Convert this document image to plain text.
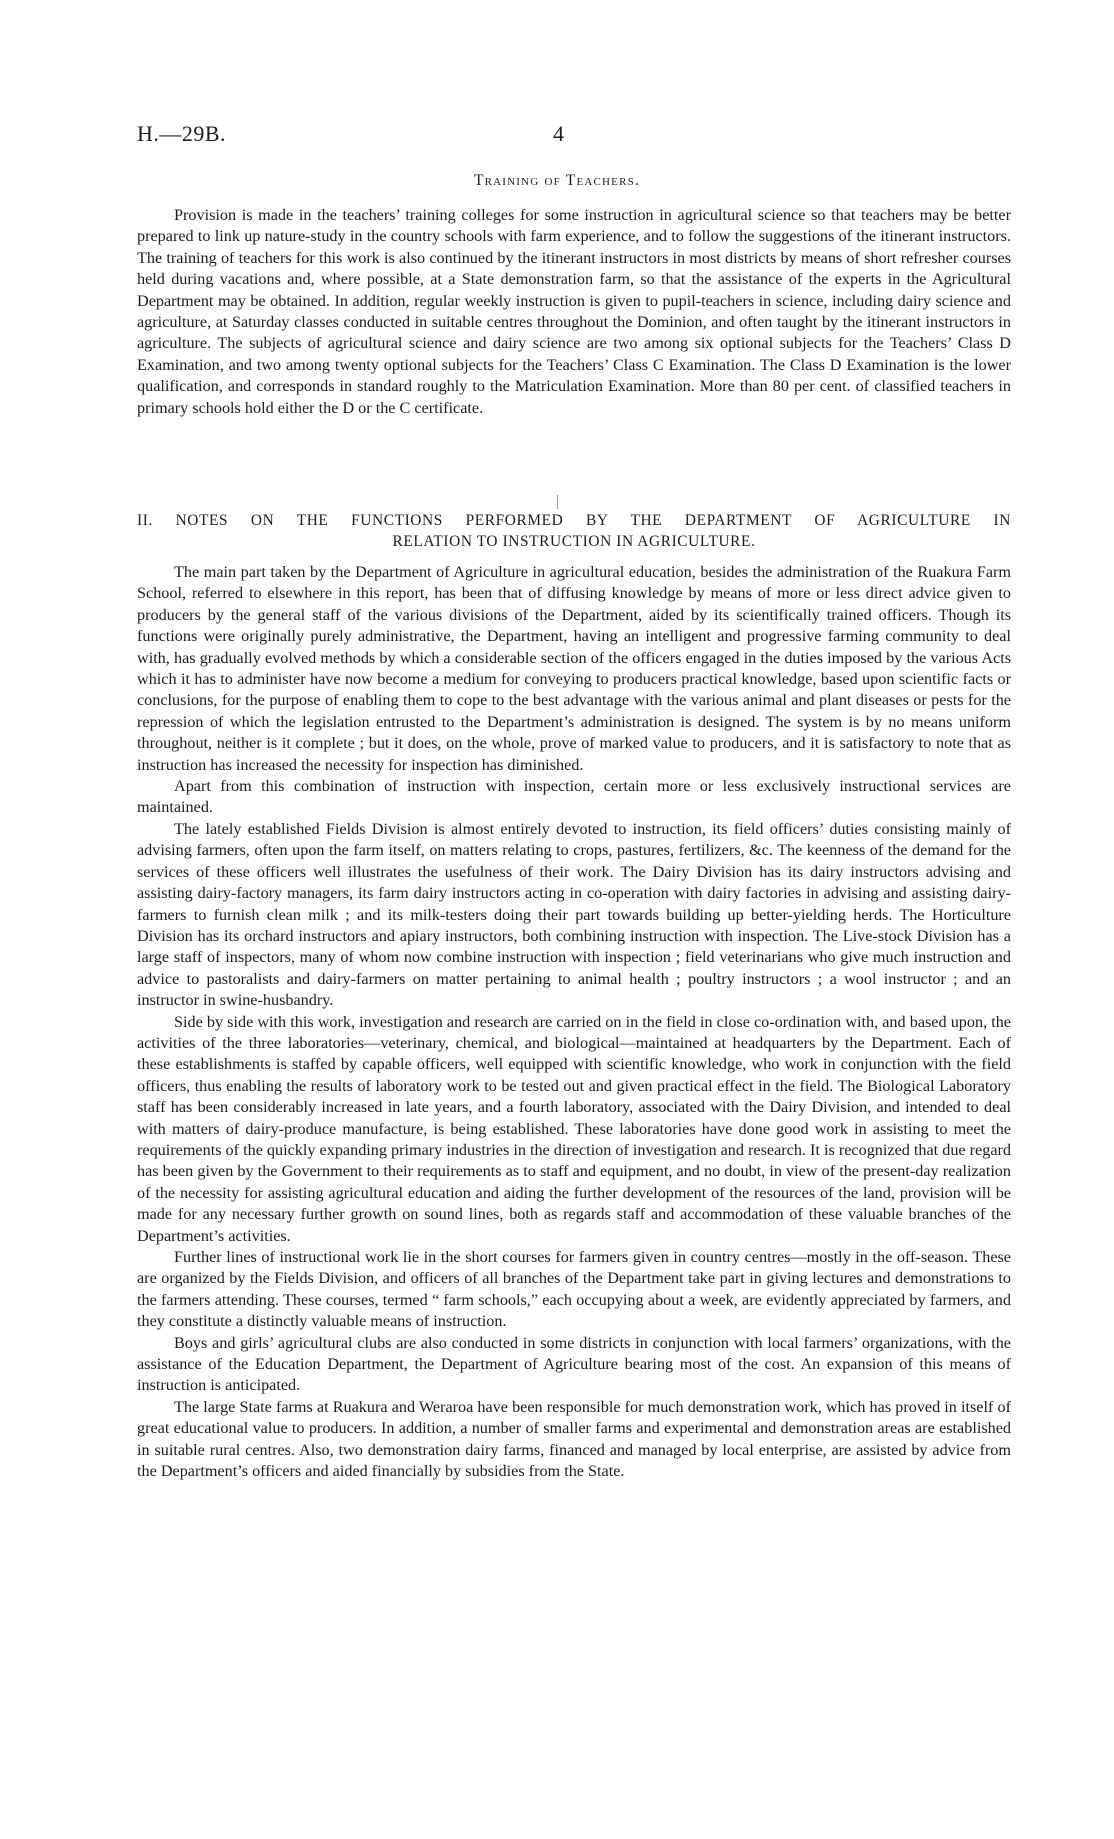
H.—29B.	4
Training of Teachers.

Provision is made in the teachers’ training colleges for some instruction in agricultural science so that teachers may be better prepared to link up nature-study in the country schools with farm experience, and to follow the suggestions of the itinerant instructors. The training of teachers for this work is also continued by the itinerant instructors in most districts by means of short refresher courses held during vacations and, where possible, at a State demonstration farm, so that the assistance of the experts in the Agricultural Department may be obtained. In addition, regular weekly instruction is given to pupil-teachers in science, including dairy science and agriculture, at Saturday classes conducted in suitable centres throughout the Dominion, and often taught by the itinerant instructors in agriculture. The subjects of agricultural science and dairy science are two among six optional subjects for the Teachers’ Class D Examination, and two among twenty optional subjects for the Teachers’ Class C Examination. The Class D Examination is the lower qualification, and corresponds in standard roughly to the Matriculation Examination. More than 80 per cent. of classified teachers in primary schools hold either the D or the C certificate.

II. NOTES ON THE FUNCTIONS PERFORMED BY THE DEPARTMENT OF AGRICULTURE IN
RELATION TO INSTRUCTION IN AGRICULTURE.

The main part taken by the Department of Agriculture in agricultural education, besides the administration of the Ruakura Farm School, referred to elsewhere in this report, has been that of diffusing knowledge by means of more or less direct advice given to producers by the general staff of the various divisions of the Department, aided by its scientifically trained officers. Though its functions were originally purely administrative, the Department, having an intelligent and progressive farming community to deal with, has gradually evolved methods by which a considerable section of the officers engaged in the duties imposed by the various Acts which it has to administer have now become a medium for conveying to producers practical knowledge, based upon scientific facts or conclusions, for the purpose of enabling them to cope to the best advantage with the various animal and plant diseases or pests for the repression of which the legislation entrusted to the Department’s administration is designed. The system is by no means uniform throughout, neither is it complete ; but it does, on the whole, prove of marked value to producers, and it is satisfactory to note that as instruction has increased the necessity for inspection has diminished.

Apart from this combination of instruction with inspection, certain more or less exclusively instructional services are maintained.

The lately established Fields Division is almost entirely devoted to instruction, its field officers’ duties consisting mainly of advising farmers, often upon the farm itself, on matters relating to crops, pastures, fertilizers, &c. The keenness of the demand for the services of these officers well illustrates the usefulness of their work. The Dairy Division has its dairy instructors advising and assisting dairy-factory managers, its farm dairy instructors acting in co-operation with dairy factories in advising and assisting dairy-farmers to furnish clean milk ; and its milk-testers doing their part towards building up better-yielding herds. The Horticulture Division has its orchard instructors and apiary instructors, both combining instruction with inspection. The Live-stock Division has a large staff of inspectors, many of whom now combine instruction with inspection ; field veterinarians who give much instruction and advice to pastoralists and dairy-farmers on matter pertaining to animal health ; poultry instructors ; a wool instructor ; and an instructor in swine-husbandry.

Side by side with this work, investigation and research are carried on in the field in close co-ordination with, and based upon, the activities of the three laboratories—veterinary, chemical, and biological—maintained at headquarters by the Department. Each of these establishments is staffed by capable officers, well equipped with scientific knowledge, who work in conjunction with the field officers, thus enabling the results of laboratory work to be tested out and given practical effect in the field. The Biological Laboratory staff has been considerably increased in late years, and a fourth laboratory, associated with the Dairy Division, and intended to deal with matters of dairy-produce manufacture, is being established. These laboratories have done good work in assisting to meet the requirements of the quickly expanding primary industries in the direction of investigation and research. It is recognized that due regard has been given by the Government to their requirements as to staff and equipment, and no doubt, in view of the present-day realization of the necessity for assisting agricultural education and aiding the further development of the resources of the land, provision will be made for any necessary further growth on sound lines, both as regards staff and accommodation of these valuable branches of the Department’s activities.

Further lines of instructional work lie in the short courses for farmers given in country centres—mostly in the off-season. These are organized by the Fields Division, and officers of all branches of the Department take part in giving lectures and demonstrations to the farmers attending. These courses, termed “ farm schools,” each occupying about a week, are evidently appreciated by farmers, and they constitute a distinctly valuable means of instruction.

Boys and girls’ agricultural clubs are also conducted in some districts in conjunction with local farmers’ organizations, with the assistance of the Education Department, the Department of Agriculture bearing most of the cost. An expansion of this means of instruction is anticipated.

The large State farms at Ruakura and Weraroa have been responsible for much demonstration work, which has proved in itself of great educational value to producers. In addition, a number of smaller farms and experimental and demonstration areas are established in suitable rural centres. Also, two demonstration dairy farms, financed and managed by local enterprise, are assisted by advice from the Department’s officers and aided financially by subsidies from the State.
